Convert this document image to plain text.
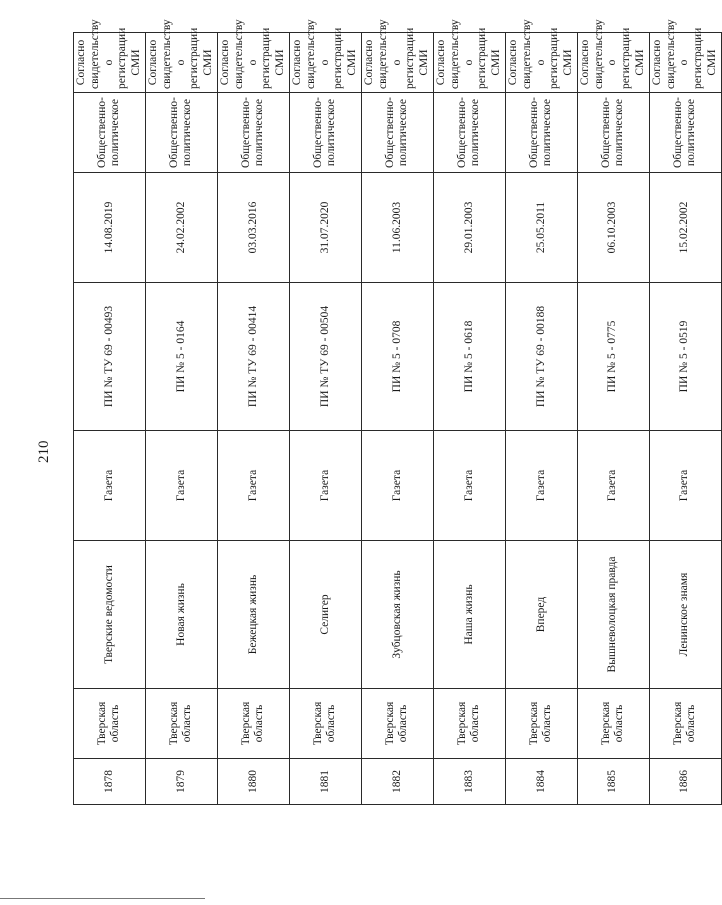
210
1878	Тверская область	Тверские ведомости	Газета	ПИ № ТУ 69 - 00493	14.08.2019	Общественно-политическое	Согласно свидетельству о регистрации СМИ
1879	Тверская область	Новая жизнь	Газета	ПИ № 5 - 0164	24.02.2002	Общественно-политическое	Согласно свидетельству о регистрации СМИ
1880	Тверская область	Бежецкая жизнь	Газета	ПИ № ТУ 69 - 00414	03.03.2016	Общественно-политическое	Согласно свидетельству о регистрации СМИ
1881	Тверская область	Селигер	Газета	ПИ № ТУ 69 - 00504	31.07.2020	Общественно-политическое	Согласно свидетельству о регистрации СМИ
1882	Тверская область	Зубцовская жизнь	Газета	ПИ № 5 - 0708	11.06.2003	Общественно-политическое	Согласно свидетельству о регистрации СМИ
1883	Тверская область	Наша жизнь	Газета	ПИ № 5 - 0618	29.01.2003	Общественно-политическое	Согласно свидетельству о регистрации СМИ
1884	Тверская область	Вперед	Газета	ПИ № ТУ 69 - 00188	25.05.2011	Общественно-политическое	Согласно свидетельству о регистрации СМИ
1885	Тверская область	Вышневолоцкая правда	Газета	ПИ № 5 - 0775	06.10.2003	Общественно-политическое	Согласно свидетельству о регистрации СМИ
1886	Тверская область	Ленинское знамя	Газета	ПИ № 5 - 0519	15.02.2002	Общественно-политическое	Согласно свидетельству о регистрации СМИ
